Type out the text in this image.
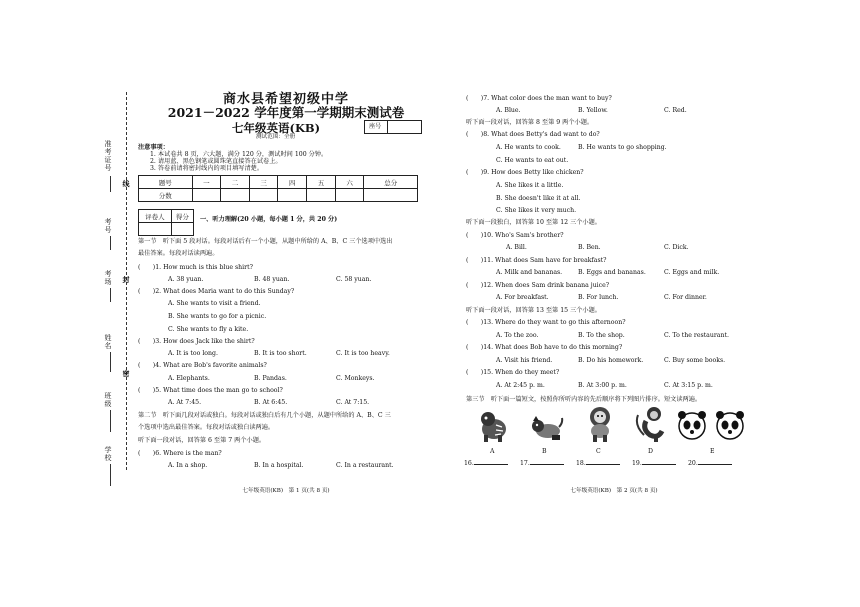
准考证号
线
考号
考场 封
姓名
密
班级
学校
商水县希望初级中学
2021－2022 学年度第一学期期末测试卷
七年级英语(KB)	座号
测试范围：全册
注意事项：
1. 本试卷共 8 页，六大题，满分 120 分，测试时间 100 分钟。
2. 请用蓝、黑色钢笔或圆珠笔直接答在试卷上。
3. 答卷前请将密封线内的项目填写清楚。
题号	一	二	三	四	五	六	总分
分数							
评卷人	得分
	一、听力理解(20 小题，每小题 1 分，共 20 分)
第一节　听下面 5 段对话。每段对话后有一个小题，从题中所给的 A、B、C 三个选项中选出
最佳答案。每段对话读两遍。
(　　)1. How much is this blue shirt?
A. 38 yuan.	B. 48 yuan.	C. 58 yuan.
(　　)2. What does Maria want to do this Sunday?
A. She wants to visit a friend.
B. She wants to go for a picnic.
C. She wants to fly a kite.
(　　)3. How does Jack like the shirt?
A. It is too long.	B. It is too short.	C. It is too heavy.
(　　)4. What are Bob's favorite animals?
A. Elephants.	B. Pandas.	C. Monkeys.
(　　)5. What time does the man go to school?
A. At 7:45.	B. At 6:45.	C. At 7:15.
第二节　听下面几段对话或独白。每段对话或独白后有几个小题，从题中所给的 A、B、C 三
个选项中选出最佳答案。每段对话或独白读两遍。
听下面一段对话，回答第 6 至第 7 两个小题。
(　　)6. Where is the man?
A. In a shop.	B. In a hospital.	C. In a restaurant.
七年级英语(KB)　第 1 页(共 8 页)
(　　)7. What color does the man want to buy?
A. Blue.	B. Yellow.	C. Red.
听下面一段对话，回答第 8 至第 9 两个小题。
(　　)8. What does Betty's dad want to do?
A. He wants to cook.	B. He wants to go shopping.
C. He wants to eat out.
(　　)9. How does Betty like chicken?
A. She likes it a little.
B. She doesn't like it at all.
C. She likes it very much.
听下面一段独白，回答第 10 至第 12 三个小题。
(　　)10. Who's Sam's brother?
A. Bill.	B. Ben.	C. Dick.
(　　)11. What does Sam have for breakfast?
A. Milk and bananas.	B. Eggs and bananas.	C. Eggs and milk.
(　　)12. When does Sam drink banana juice?
A. For breakfast.	B. For lunch.	C. For dinner.
听下面一段对话，回答第 13 至第 15 三个小题。
(　　)13. Where do they want to go this afternoon?
A. To the zoo.	B. To the shop.	C. To the restaurant.
(　　)14. What does Bob have to do this morning?
A. Visit his friend.	B. Do his homework.	C. Buy some books.
(　　)15. When do they meet?
A. At 2:45 p. m.	B. At 3:00 p. m.	C. At 3:15 p. m.
第三节　听下面一篇短文，按照你所听内容的先后顺序将下列图片排序。短文读两遍。
A	B	C	D	E
16.	17.	18.	19.	20.
七年级英语(KB)　第 2 页(共 8 页)
